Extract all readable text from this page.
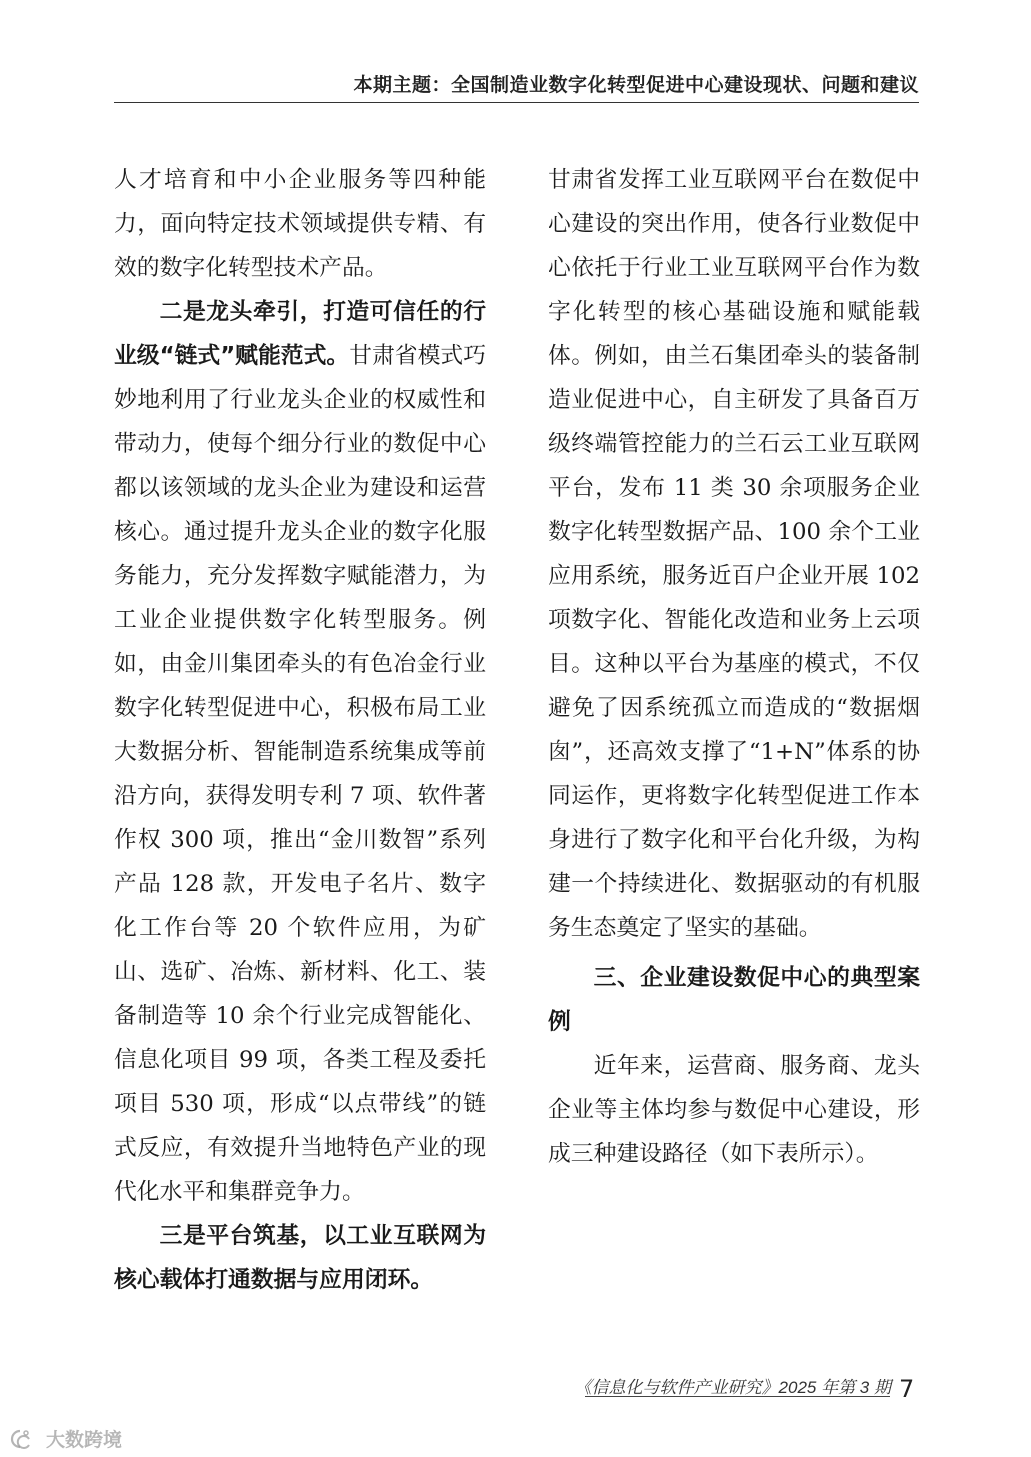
本期主题：全国制造业数字化转型促进中心建设现状、问题和建议

人才培育和中小企业服务等四种能力，面向特定技术领域提供专精、有效的数字化转型技术产品。

二是龙头牵引，打造可信任的行业级“链式”赋能范式。甘肃省模式巧妙地利用了行业龙头企业的权威性和带动力，使每个细分行业的数促中心都以该领域的龙头企业为建设和运营核心。通过提升龙头企业的数字化服务能力，充分发挥数字赋能潜力，为工业企业提供数字化转型服务。例如，由金川集团牵头的有色冶金行业数字化转型促进中心，积极布局工业大数据分析、智能制造系统集成等前沿方向，获得发明专利 7 项、软件著作权 300 项，推出“金川数智”系列产品 128 款，开发电子名片、数字化工作台等 20 个软件应用，为矿山、选矿、冶炼、新材料、化工、装备制造等 10 余个行业完成智能化、信息化项目 99 项，各类工程及委托项目 530 项，形成“以点带线”的链式反应，有效提升当地特色产业的现代化水平和集群竞争力。

三是平台筑基，以工业互联网为核心载体打通数据与应用闭环。

甘肃省发挥工业互联网平台在数促中心建设的突出作用，使各行业数促中心依托于行业工业互联网平台作为数字化转型的核心基础设施和赋能载体。例如，由兰石集团牵头的装备制造业促进中心，自主研发了具备百万级终端管控能力的兰石云工业互联网平台，发布 11 类 30 余项服务企业数字化转型数据产品、100 余个工业应用系统，服务近百户企业开展 102 项数字化、智能化改造和业务上云项目。这种以平台为基座的模式，不仅避免了因系统孤立而造成的“数据烟囱”，还高效支撑了“1+N”体系的协同运作，更将数字化转型促进工作本身进行了数字化和平台化升级，为构建一个持续进化、数据驱动的有机服务生态奠定了坚实的基础。

三、企业建设数促中心的典型案例

近年来，运营商、服务商、龙头企业等主体均参与数促中心建设，形成三种建设路径（如下表所示）。

《信息化与软件产业研究》2025 年第 3 期 7
大数跨境
